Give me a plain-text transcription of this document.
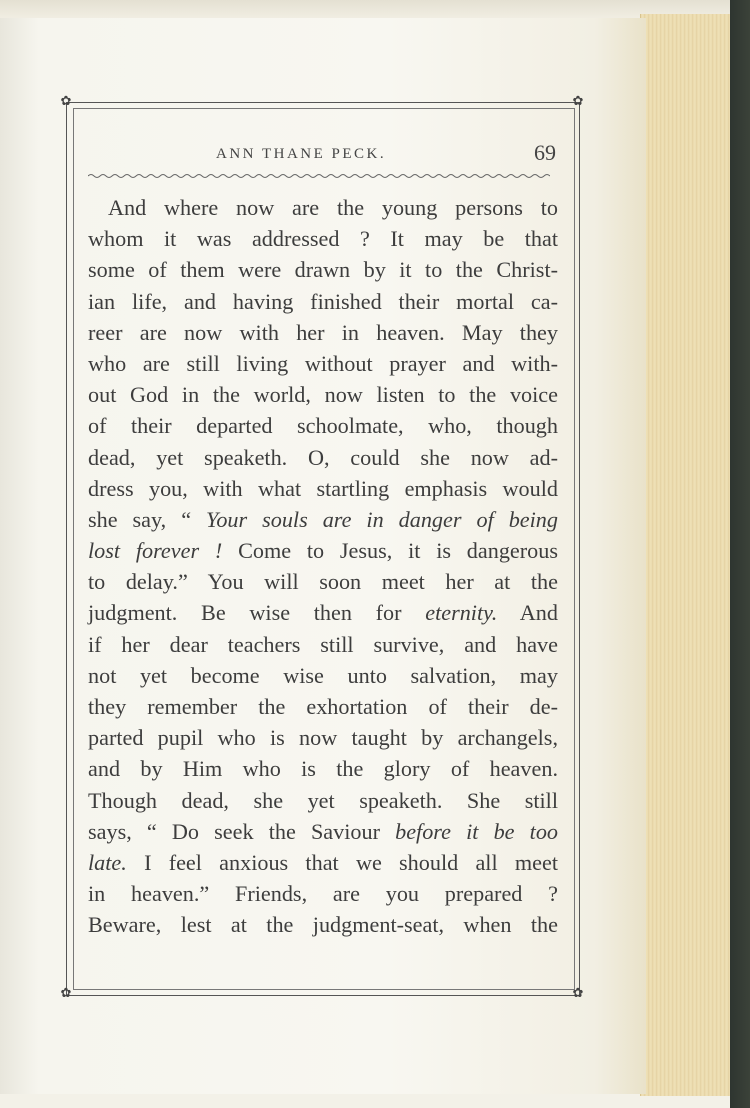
✿	✿
✿	✿
ANN THANE PECK.	69
And where now are the young persons to
whom it was addressed ? It may be that
some of them were drawn by it to the Christ-
ian life, and having finished their mortal ca-
reer are now with her in heaven. May they
who are still living without prayer and with-
out God in the world, now listen to the voice
of their departed schoolmate, who, though
dead, yet speaketh. O, could she now ad-
dress you, with what startling emphasis would
she say, “ Your souls are in danger of being
lost forever ! Come to Jesus, it is dangerous
to delay.” You will soon meet her at the
judgment. Be wise then for eternity. And
if her dear teachers still survive, and have
not yet become wise unto salvation, may
they remember the exhortation of their de-
parted pupil who is now taught by archangels,
and by Him who is the glory of heaven.
Though dead, she yet speaketh. She still
says, “ Do seek the Saviour before it be too
late. I feel anxious that we should all meet
in heaven.” Friends, are you prepared ?
Beware, lest at the judgment-seat, when the
